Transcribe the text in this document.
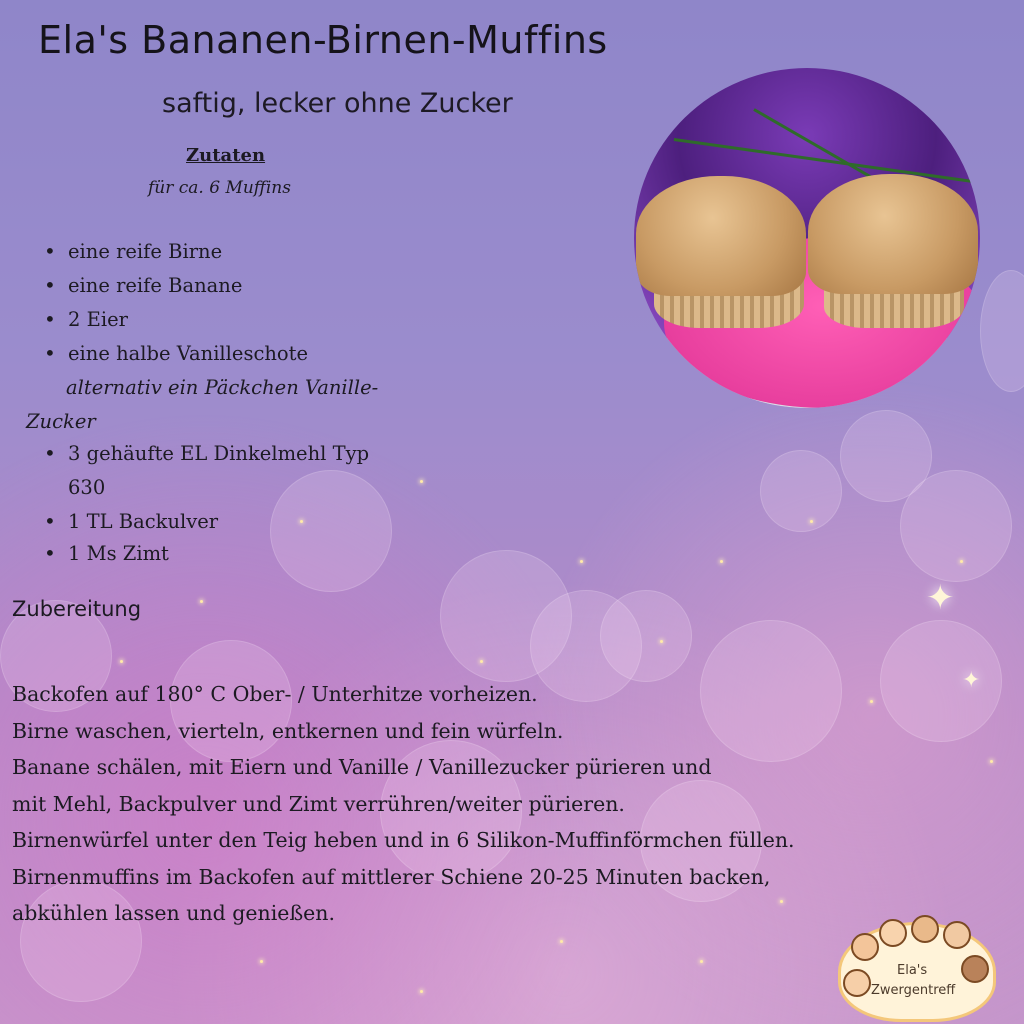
✦
✦
Ela's Bananen-Birnen-Muffins
saftig, lecker ohne Zucker
Zutaten
für ca. 6 Muffins
• eine reife Birne
• eine reife Banane
• 2 Eier
• eine halbe Vanilleschote
alternativ ein Päckchen Vanille-
Zucker
• 3 gehäufte EL Dinkelmehl Typ
630
• 1 TL Backulver
• 1 Ms Zimt
Zubereitung
Backofen auf 180° C Ober- / Unterhitze vorheizen.
Birne waschen, vierteln, entkernen und fein würfeln.
Banane schälen, mit Eiern und Vanille / Vanillezucker pürieren und
mit Mehl, Backpulver und Zimt verrühren/weiter pürieren.
Birnenwürfel unter den Teig heben und in 6 Silikon-Muffinförmchen füllen.
Birnenmuffins im Backofen auf mittlerer Schiene 20-25 Minuten backen,
abkühlen lassen und genießen.
Ela's
Zwergentreff
